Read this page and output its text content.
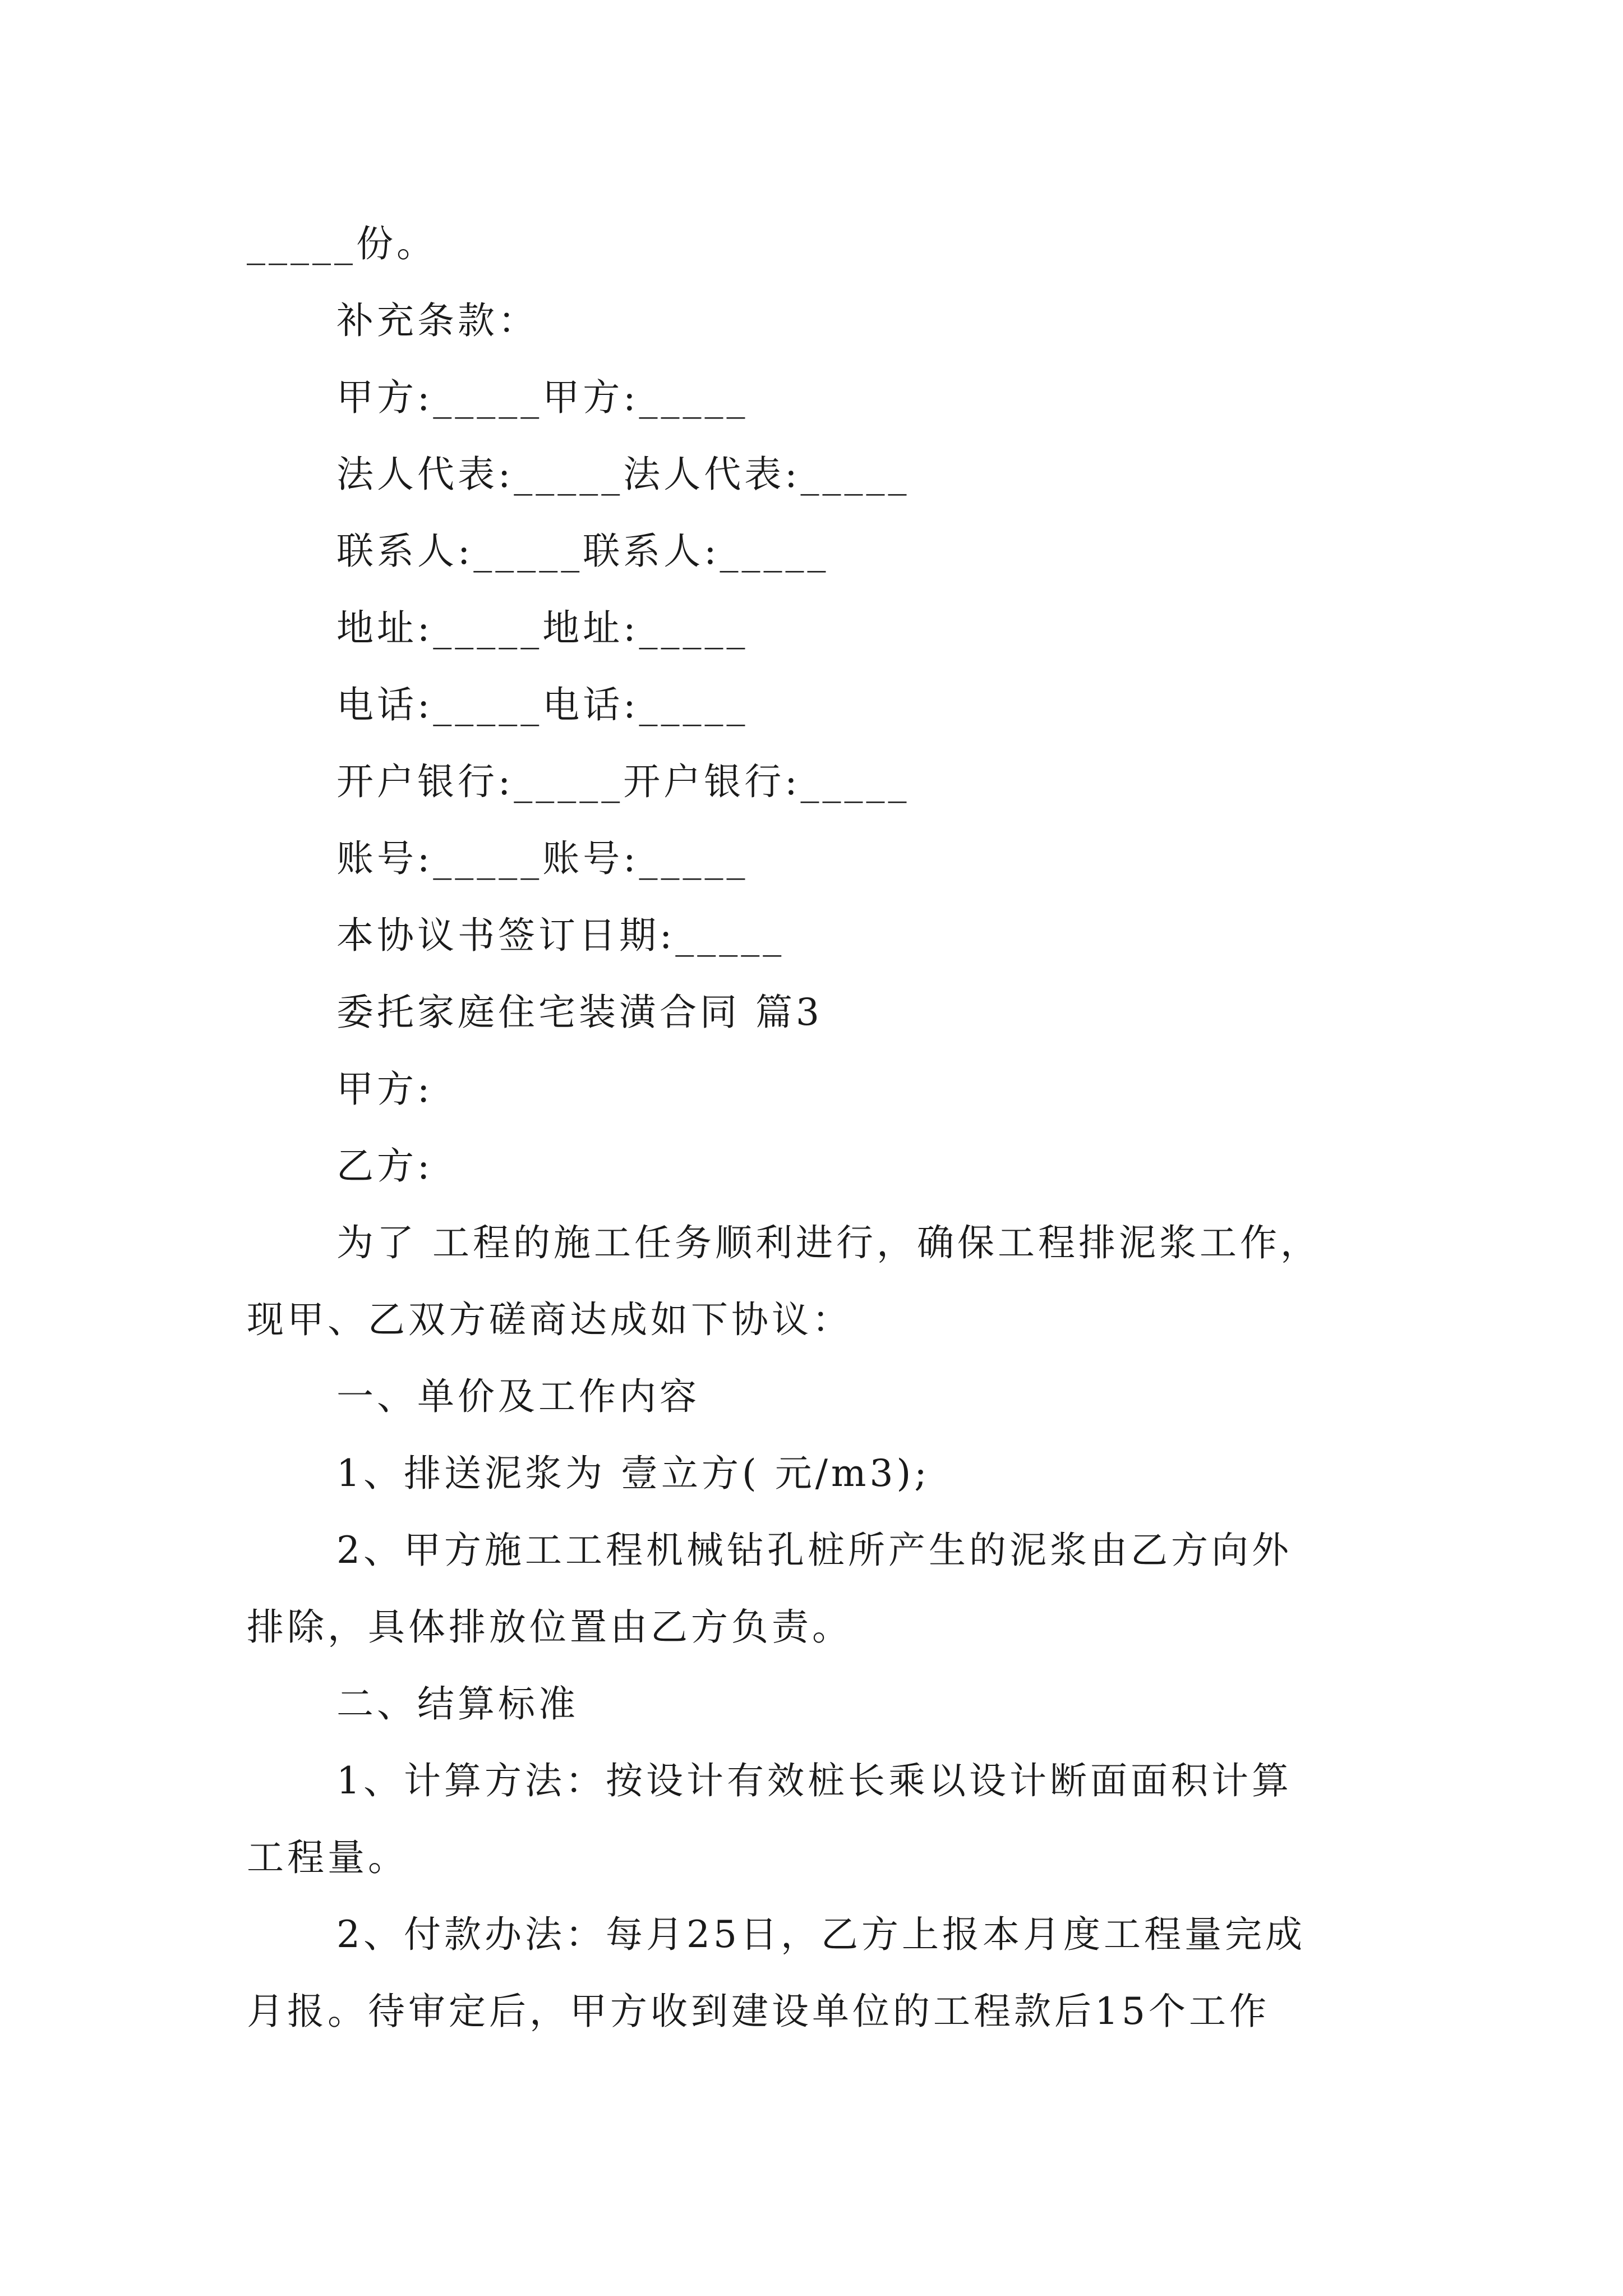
_____份。
补充条款：
甲方:_____甲方:_____
法人代表:_____法人代表:_____
联系人:_____联系人:_____
地址:_____地址:_____
电话:_____电话:_____
开户银行:_____开户银行:_____
账号:_____账号:_____
本协议书签订日期:_____
委托家庭住宅装潢合同 篇3
甲方:
乙方:
为了 工程的施工任务顺利进行，确保工程排泥浆工作，
现甲、乙双方磋商达成如下协议：
一、单价及工作内容
1、排送泥浆为 壹立方( 元/m3);
2、甲方施工工程机械钻孔桩所产生的泥浆由乙方向外
排除，具体排放位置由乙方负责。
二、结算标准
1、计算方法：按设计有效桩长乘以设计断面面积计算
工程量。
2、付款办法：每月25日，乙方上报本月度工程量完成
月报。待审定后，甲方收到建设单位的工程款后15个工作
